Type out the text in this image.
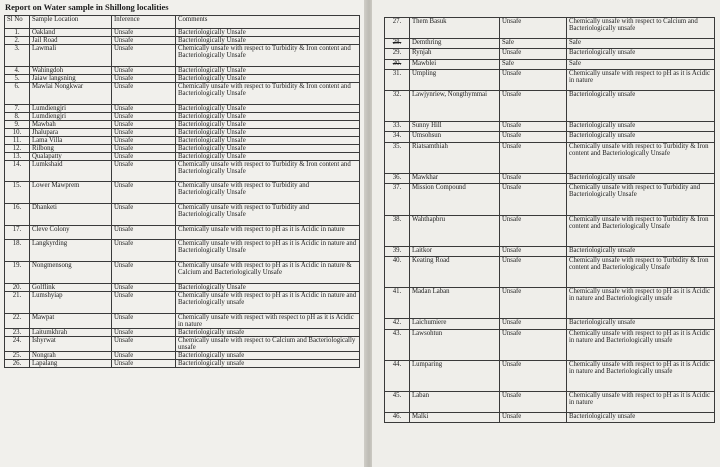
Report on Water sample in Shillong localities
Sl No	Sample Location	Inference	Comments
1.	Oakland	Unsafe	Bacteriologically Unsafe
2.	Jail Road	Unsafe	Bacteriologically Unsafe
3.	Lawmali	Unsafe	Chemically unsafe with respect to Turbidity & Iron content and Bacteriologically Unsafe
4.	Wahingdoh	Unsafe	Bacteriologically Unsafe
5.	Jaiaw langsning	Unsafe	Bacteriologically Unsafe
6.	Mawlai Nongkwar	Unsafe	Chemically unsafe with respect to Turbidity & Iron content and Bacteriologically Unsafe
7.	Lumdiengjri	Unsafe	Bacteriologically Unsafe
8.	Lumdiengjri	Unsafe	Bacteriologically Unsafe
9.	Mawbah	Unsafe	Bacteriologically Unsafe
10.	Jhalupara	Unsafe	Bacteriologically Unsafe
11.	Lama Villa	Unsafe	Bacteriologically Unsafe
12.	Rilbong	Unsafe	Bacteriologically Unsafe
13.	Qualapatty	Unsafe	Bacteriologically Unsafe
14.	Lumkshaid	Unsafe	Chemically unsafe with respect to Turbidity & Iron content and Bacteriologically Unsafe
15.	Lower Mawprem	Unsafe	Chemically unsafe with respect to Turbidity and Bacteriologically Unsafe
16.	Dhanketi	Unsafe	Chemically unsafe with respect to Turbidity and Bacteriologically Unsafe
17.	Cleve Colony	Unsafe	Chemically unsafe with respect to pH as it is Acidic in nature
18.	Langkyrding	Unsafe	Chemically unsafe with respect to pH as it is Acidic in nature and Bacteriologically Unsafe
19.	Nongmensong	Unsafe	Chemically unsafe with respect to pH as it is Acidic in nature & Calcium and Bacteriologically Unsafe
20.	Golflink	Unsafe	Bacteriologically Unsafe
21.	Lumshyiap	Unsafe	Chemically unsafe with respect to pH as it is Acidic in nature and Bacteriologically unsafe
22.	Mawpat	Unsafe	Chemically unsafe with respect with respect to pH as it is Acidic in nature
23.	Laitumkhrah	Unsafe	Bacteriologically unsafe
24.	Ishyrwat	Unsafe	Chemically unsafe with respect to Calcium and Bacteriologically unsafe
25.	Nongrah	Unsafe	Bacteriologically unsafe
26.	Lapalang	Unsafe	Bacteriologically unsafe
27.	Them Basuk	Unsafe	Chemically unsafe with respect to Calcium and Bacteriologically unsafe
28.	Demthring	Safe	Safe
29.	Rynjah	Unsafe	Bacteriologically unsafe
30.	Mawblei	Safe	Safe
31.	Umpling	Unsafe	Chemically unsafe with respect to pH as it is Acidic in nature
32.	Lawjynriew, Nongthymmai	Unsafe	Bacteriologically unsafe
33.	Sunny Hill	Unsafe	Bacteriologically unsafe
34.	Umsohsun	Unsafe	Bacteriologically unsafe
35.	Riatsamthiah	Unsafe	Chemically unsafe with respect to Turbidity & Iron content and Bacteriologically Unsafe
36.	Mawkhar	Unsafe	Bacteriologically unsafe
37.	Mission Compound	Unsafe	Chemically unsafe with respect to Turbidity and Bacteriologically Unsafe
38.	Wahthapbru	Unsafe	Chemically unsafe with respect to Turbidity & Iron content and Bacteriologically Unsafe
39.	Laitkor	Unsafe	Bacteriologically unsafe
40.	Keating Road	Unsafe	Chemically unsafe with respect to Turbidity & Iron content and Bacteriologically Unsafe
41.	Madan Laban	Unsafe	Chemically unsafe with respect to pH as it is Acidic in nature and Bacteriologically unsafe
42.	Laichumiere	Unsafe	Bacteriologically unsafe
43.	Lawsohtun	Unsafe	Chemically unsafe with respect to pH as it is Acidic in nature and Bacteriologically unsafe
44.	Lumparing	Unsafe	Chemically unsafe with respect to pH as it is Acidic in nature and Bacteriologically unsafe
45.	Laban	Unsafe	Chemically unsafe with respect to pH as it is Acidic in nature
46.	Malki	Unsafe	Bacteriologically unsafe
